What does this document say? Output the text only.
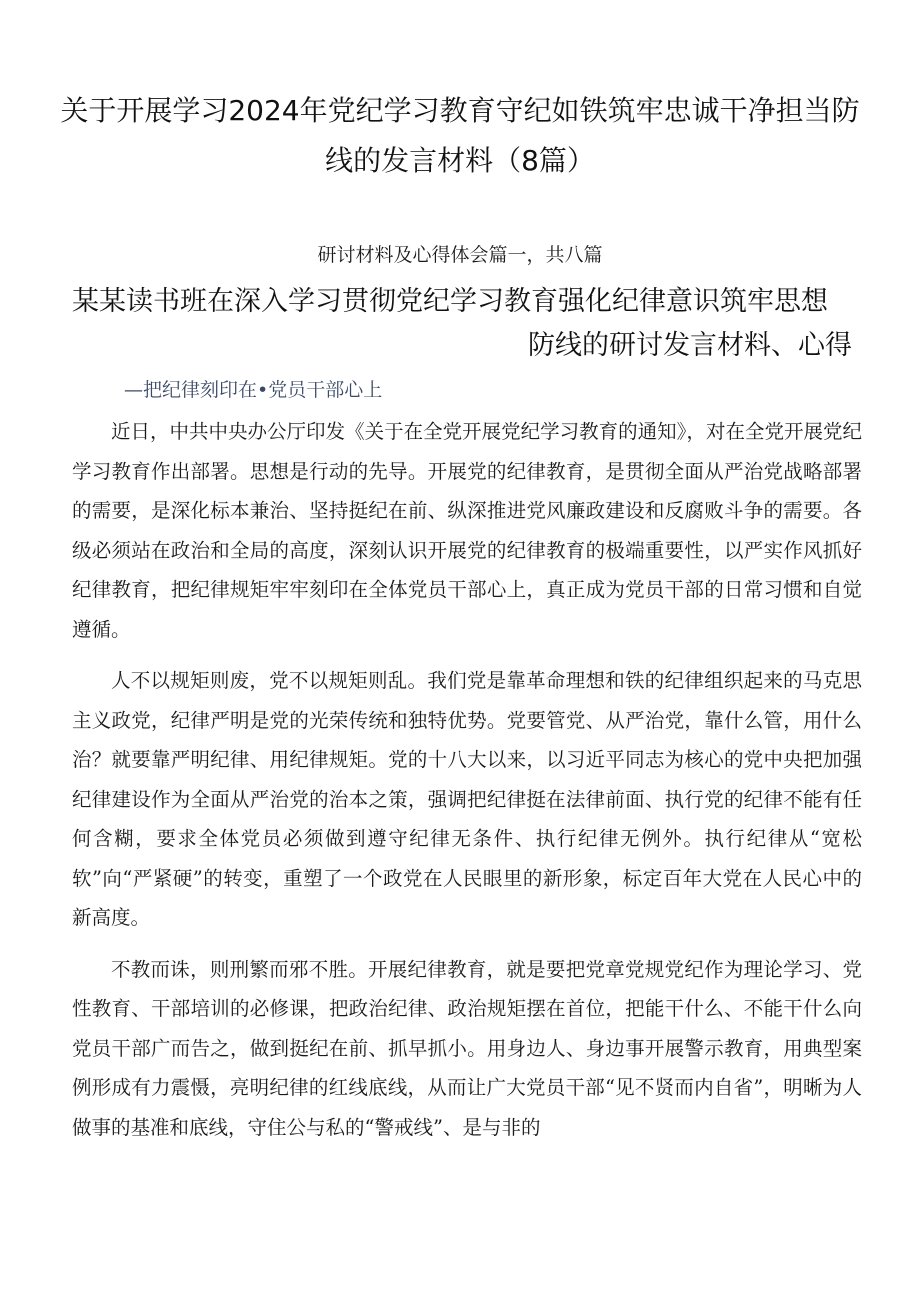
关于开展学习2024年党纪学习教育守纪如铁筑牢忠诚干净担当防
线的发言材料（8篇）
研讨材料及心得体会篇一，共八篇
某某读书班在深入学习贯彻党纪学习教育强化纪律意识筑牢思想
防线的研讨发言材料、心得
—把纪律刻印在•党员干部心上

近日，中共中央办公厅印发《关于在全党开展党纪学习教育的通知》，对在全党开展党纪学习教育作出部署。思想是行动的先导。开展党的纪律教育，是贯彻全面从严治党战略部署的需要，是深化标本兼治、坚持挺纪在前、纵深推进党风廉政建设和反腐败斗争的需要。各级必须站在政治和全局的高度，深刻认识开展党的纪律教育的极端重要性，以严实作风抓好纪律教育，把纪律规矩牢牢刻印在全体党员干部心上，真正成为党员干部的日常习惯和自觉遵循。

人不以规矩则废，党不以规矩则乱。我们党是靠革命理想和铁的纪律组织起来的马克思主义政党，纪律严明是党的光荣传统和独特优势。党要管党、从严治党，靠什么管，用什么治？就要靠严明纪律、用纪律规矩。党的十八大以来，以习近平同志为核心的党中央把加强纪律建设作为全面从严治党的治本之策，强调把纪律挺在法律前面、执行党的纪律不能有任何含糊，要求全体党员必须做到遵守纪律无条件、执行纪律无例外。执行纪律从“宽松软”向“严紧硬”的转变，重塑了一个政党在人民眼里的新形象，标定百年大党在人民心中的新高度。

不教而诛，则刑繁而邪不胜。开展纪律教育，就是要把党章党规党纪作为理论学习、党性教育、干部培训的必修课，把政治纪律、政治规矩摆在首位，把能干什么、不能干什么向党员干部广而告之，做到挺纪在前、抓早抓小。用身边人、身边事开展警示教育，用典型案例形成有力震慑，亮明纪律的红线底线，从而让广大党员干部“见不贤而内自省”，明晰为人做事的基准和底线，守住公与私的“警戒线”、是与非的
